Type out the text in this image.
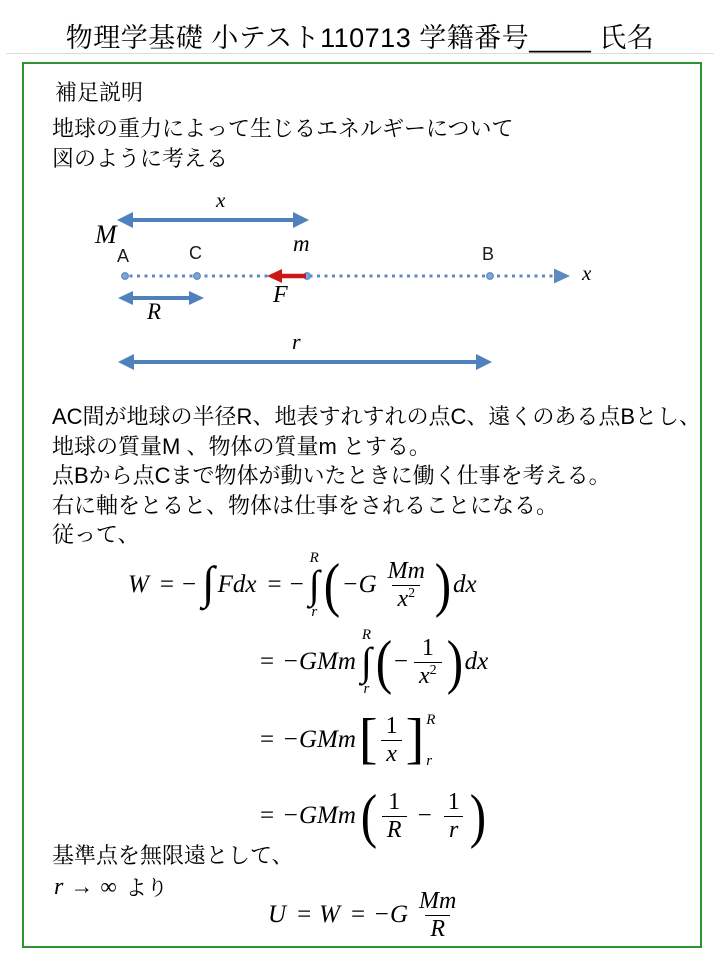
物理学基礎 小テスト110713 学籍番号____ 氏名
補足説明
地球の重力によって生じるエネルギーについて
図のように考える
x
M	m
A	C	B
x
F
R
r
AC間が地球の半径R、地表すれすれの点C、遠くのある点Bとし、
地球の質量M 、物体の質量m とする。
点Bから点Cまで物体が動いたときに働く仕事を考える。
右に軸をとると、物体は仕事をされることになる。
従って、
W = − ∫ Fdx = −
R
∫
r ( $-G \frac{Mm}{x^2}$ ) dx
= −GMm
R
∫
r ( − $\frac{1}{x^2}$ ) dx
= −GMm [ $\frac{1}{x}$ ] R
r
= −GMm ( $\frac{1}{R} - \frac{1}{r}$ )
基準点を無限遠として、
r → ∞ より
$U = W = -G \frac{Mm}{R}$
